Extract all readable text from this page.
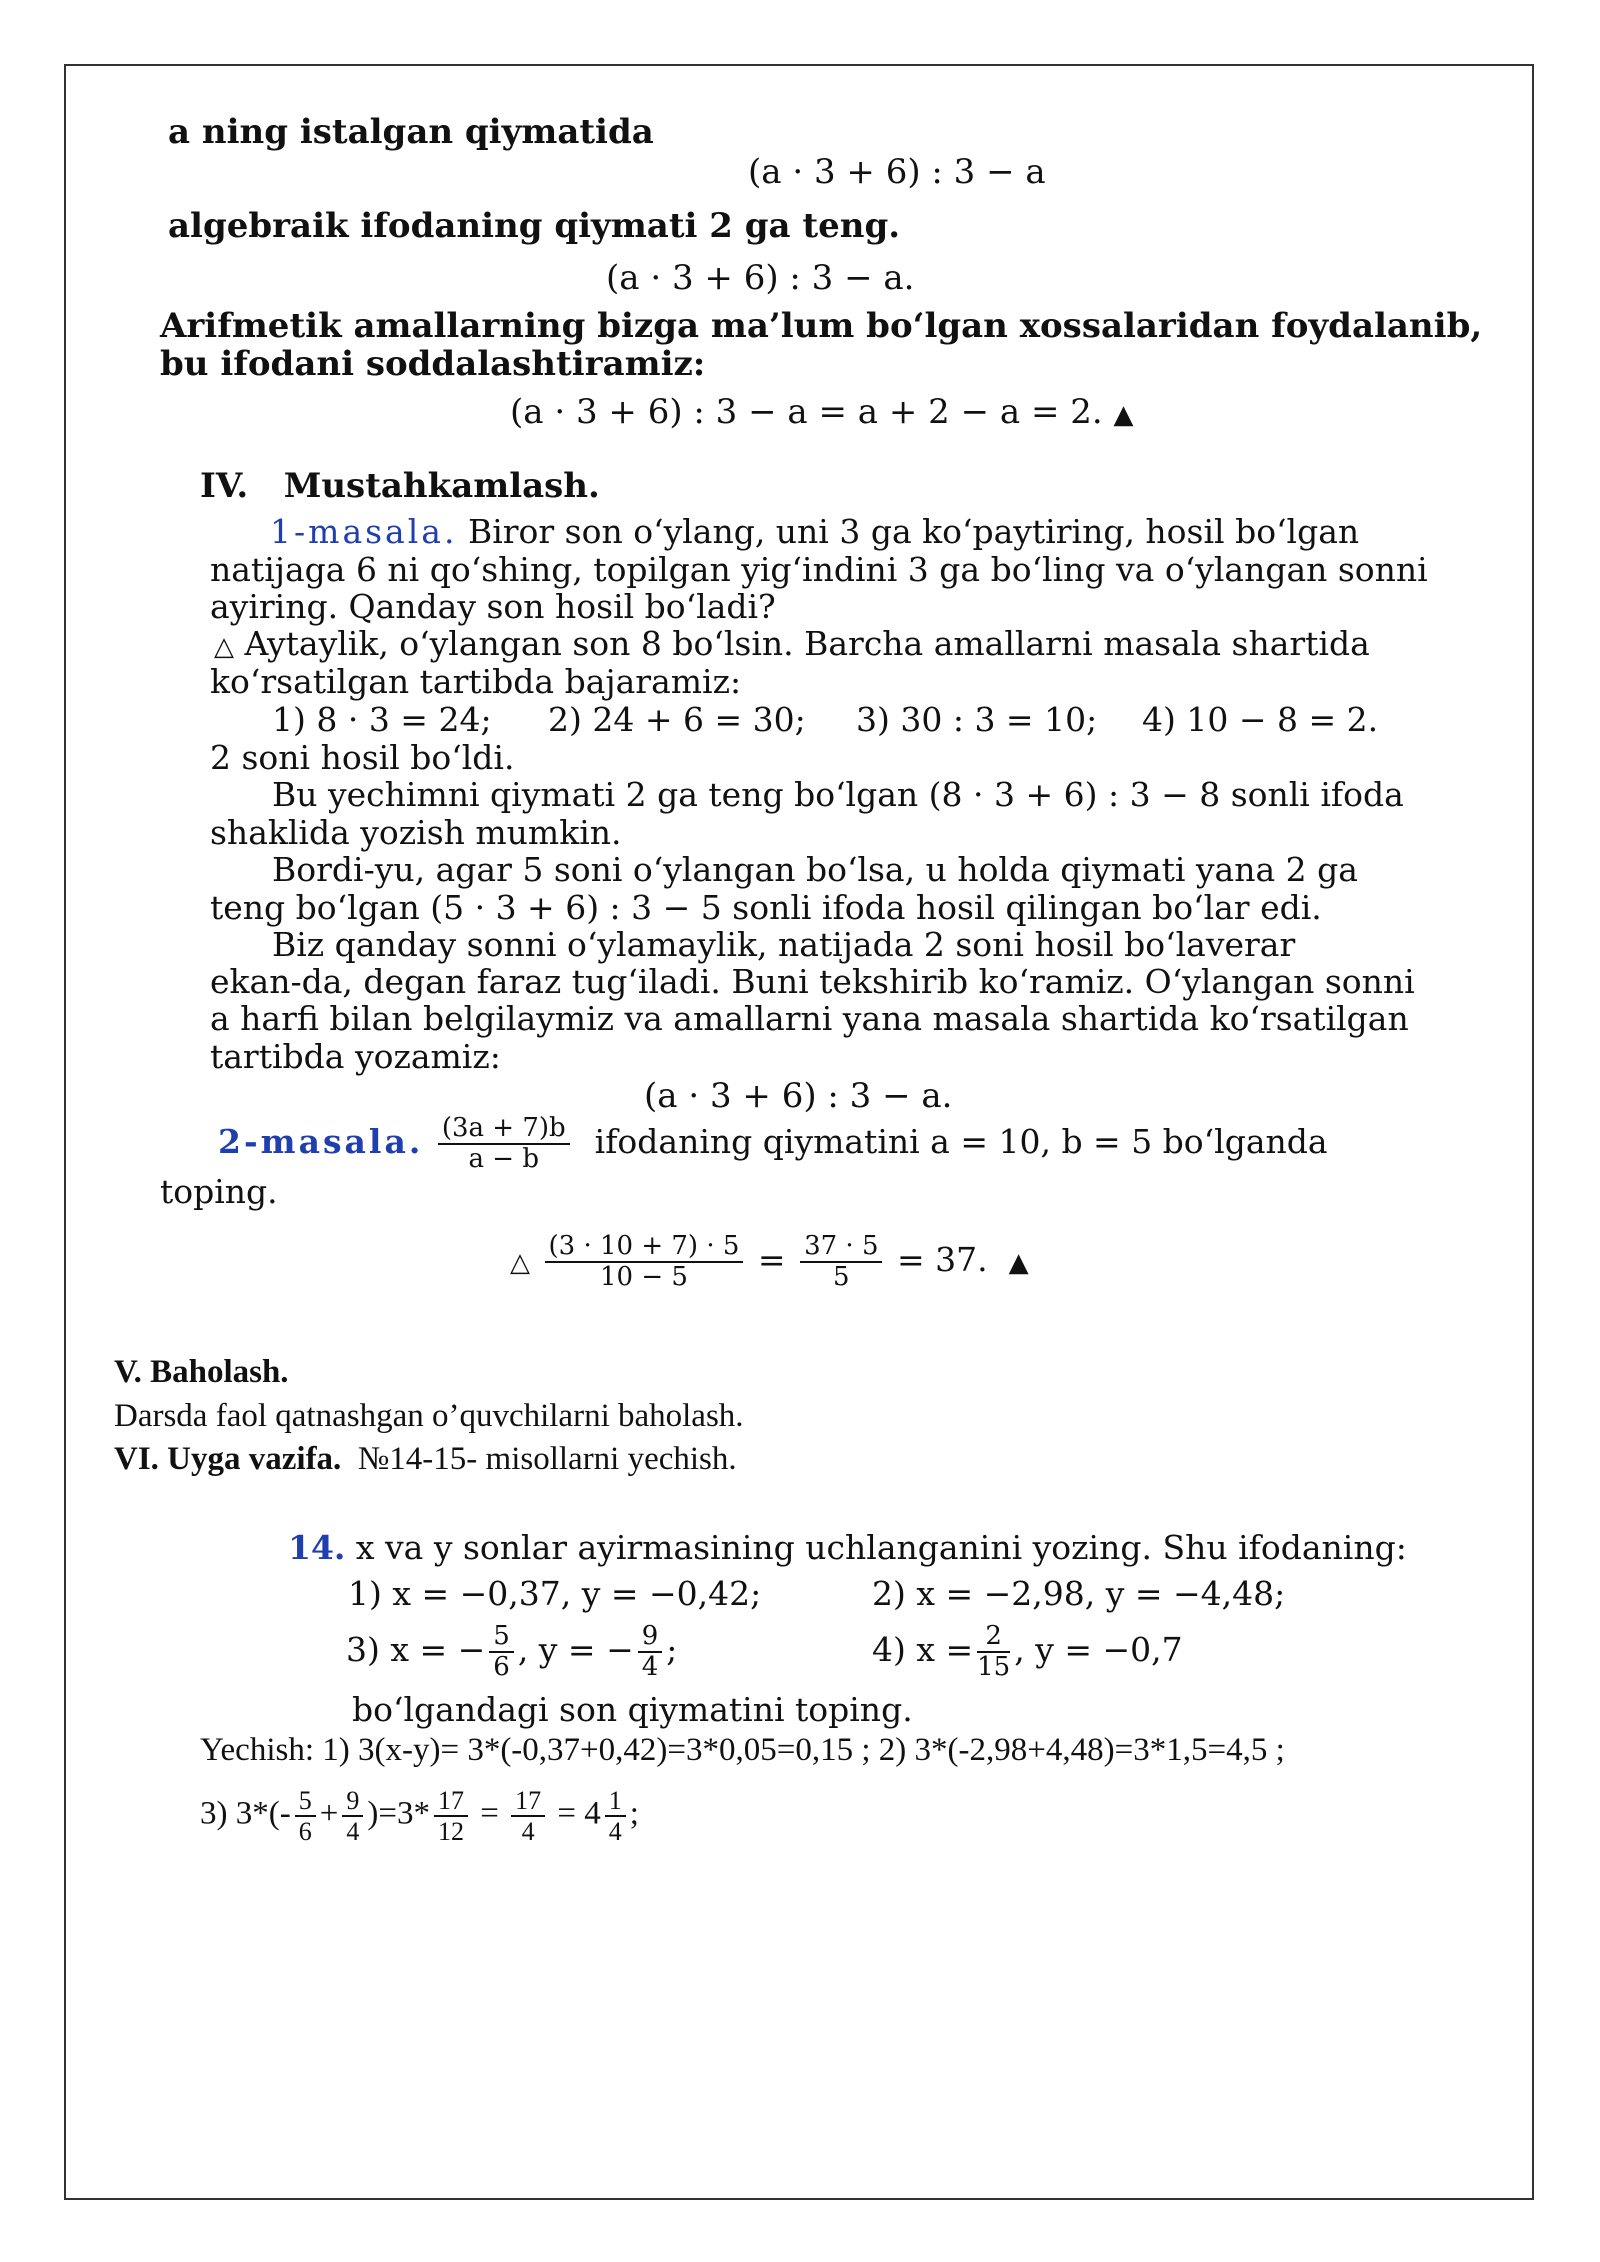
a ning istalgan qiymatida
(a · 3 + 6) : 3 − a
algebraik ifodaning qiymati 2 ga teng.
(a · 3 + 6) : 3 − a.
Arifmetik amallarning bizga ma’lum bo‘lgan xossalaridan foydalanib,
bu ifodani soddalashtiramiz:
(a · 3 + 6) : 3 − a = a + 2 − a = 2. ▲
IV. Mustahkamlash.
1-masala. Biror son o‘ylang, uni 3 ga ko‘paytiring, hosil bo‘lgan
natijaga 6 ni qo‘shing, topilgan yig‘indini 3 ga bo‘ling va o‘ylangan sonni
ayiring. Qanday son hosil bo‘ladi?
△ Aytaylik, o‘ylangan son 8 bo‘lsin. Barcha amallarni masala shartida
ko‘rsatilgan tartibda bajaramiz:
1) 8 · 3 = 24; 2) 24 + 6 = 30; 3) 30 : 3 = 10; 4) 10 − 8 = 2.
2 soni hosil bo‘ldi.
Bu yechimni qiymati 2 ga teng bo‘lgan (8 · 3 + 6) : 3 − 8 sonli ifoda
shaklida yozish mumkin.
Bordi-yu, agar 5 soni o‘ylangan bo‘lsa, u holda qiymati yana 2 ga
teng bo‘lgan (5 · 3 + 6) : 3 − 5 sonli ifoda hosil qilingan bo‘lar edi.
Biz qanday sonni o‘ylamaylik, natijada 2 soni hosil bo‘laverar
ekan-da, degan faraz tug‘iladi. Buni tekshirib ko‘ramiz. O‘ylangan sonni
a harfi bilan belgilaymiz va amallarni yana masala shartida ko‘rsatilgan
tartibda yozamiz:
(a · 3 + 6) : 3 − a.
2-masala. $\frac{(3a + 7)b}{a - b}$ ifodaning qiymatini a = 10, b = 5 bo‘lganda
toping.
△ $\frac{(3 \cdot 10 + 7) \cdot 5}{10 - 5} = \frac{37 \cdot 5}{5} = 37$. ▲
V. Baholash.
Darsda faol qatnashgan o’quvchilarni baholash.
VI. Uyga vazifa. №14-15- misollarni yechish.
14. x va y sonlar ayirmasining uchlanganini yozing. Shu ifodaning:
1) x = −0,37, y = −0,42;	2) x = −2,98, y = −4,48;
3) x = − $\frac{5}{6}$ , y = − $\frac{9}{4}$ ;	4) $x = \frac{2}{15}$ , y = −0,7
bo‘lgandagi son qiymatini toping.
Yechish: 1) 3(x-y)= 3*(-0,37+0,42)=3*0,05=0,15 ; 2) 3*(-2,98+4,48)=3*1,5=4,5 ;
3) $3*(- \frac{5}{6} + \frac{9}{4} )=3* \frac{17}{12} = \frac{17}{4} = 4 \frac{1}{4}$ ;
